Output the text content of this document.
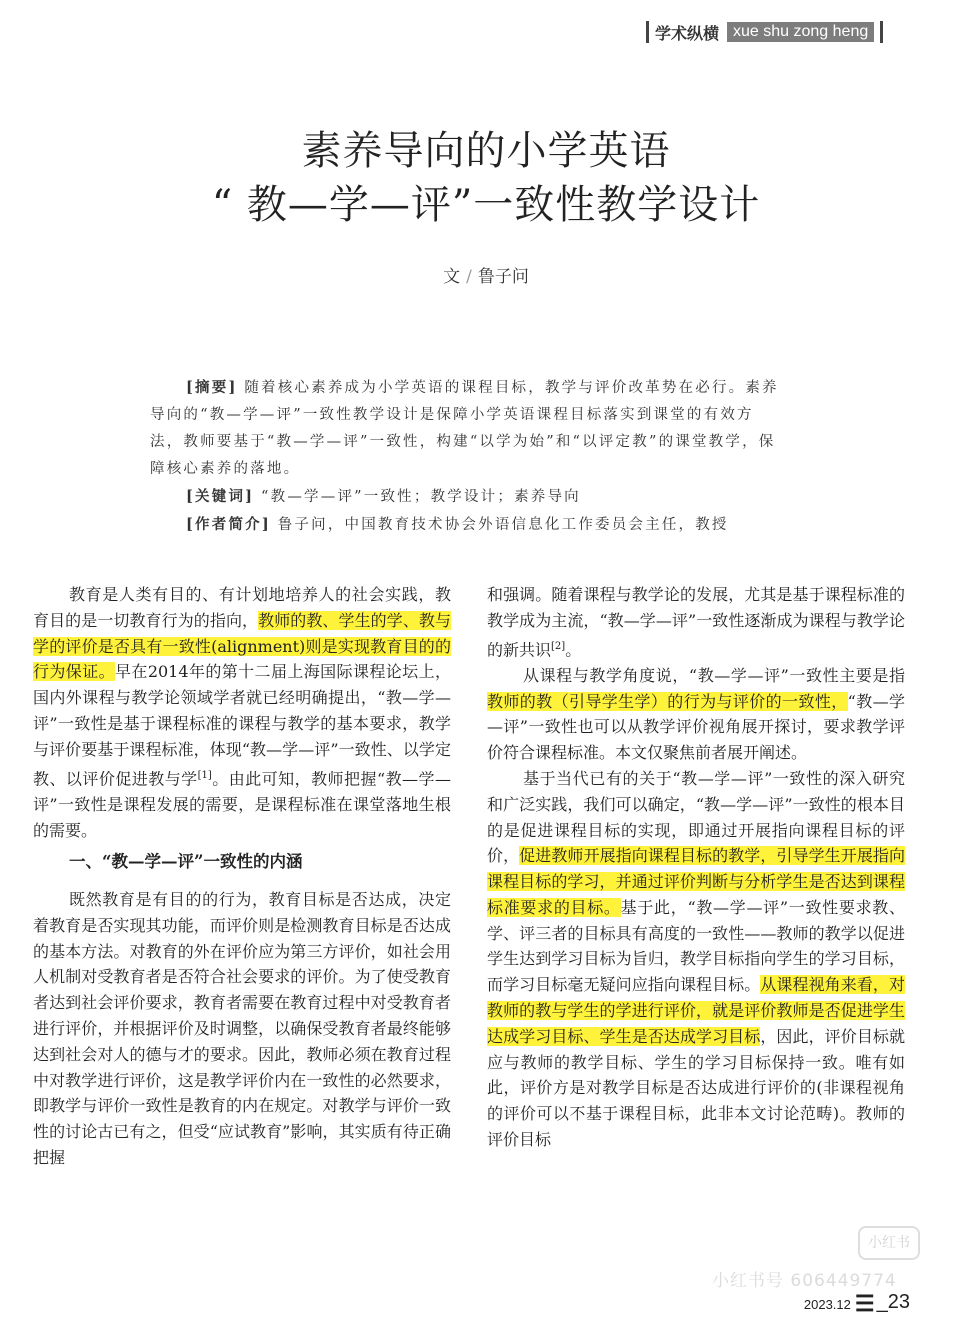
学术纵横 xue shu zong heng
素养导向的小学英语
“ 教—学—评”一致性教学设计
文 / 鲁子问

[摘要] 随着核心素养成为小学英语的课程目标，教学与评价改革势在必行。素养导向的“教—学—评”一致性教学设计是保障小学英语课程目标落实到课堂的有效方法，教师要基于“教—学—评”一致性，构建“以学为始”和“以评定教”的课堂教学，保障核心素养的落地。

[关键词] “教—学—评”一致性；教学设计；素养导向

[作者简介] 鲁子问，中国教育技术协会外语信息化工作委员会主任，教授

教育是人类有目的、有计划地培养人的社会实践，教育目的是一切教育行为的指向，教师的教、学生的学、教与学的评价是否具有一致性(alignment)则是实现教育目的的行为保证。早在2014年的第十二届上海国际课程论坛上，国内外课程与教学论领域学者就已经明确提出，“教—学—评”一致性是基于课程标准的课程与教学的基本要求，教学与评价要基于课程标准，体现“教—学—评”一致性、以学定教、以评价促进教与学[1]。由此可知，教师把握“教—学—评”一致性是课程发展的需要，是课程标准在课堂落地生根的需要。

一、“教—学—评”一致性的内涵

既然教育是有目的的行为，教育目标是否达成，决定着教育是否实现其功能，而评价则是检测教育目标是否达成的基本方法。对教育的外在评价应为第三方评价，如社会用人机制对受教育者是否符合社会要求的评价。为了使受教育者达到社会评价要求，教育者需要在教育过程中对受教育者进行评价，并根据评价及时调整，以确保受教育者最终能够达到社会对人的德与才的要求。因此，教师必须在教育过程中对教学进行评价，这是教学评价内在一致性的必然要求，即教学与评价一致性是教育的内在规定。对教学与评价一致性的讨论古已有之，但受“应试教育”影响，其实质有待正确把握

和强调。随着课程与教学论的发展，尤其是基于课程标准的教学成为主流，“教—学—评”一致性逐渐成为课程与教学论的新共识[2]。

从课程与教学角度说，“教—学—评”一致性主要是指教师的教（引导学生学）的行为与评价的一致性，“教—学—评”一致性也可以从教学评价视角展开探讨，要求教学评价符合课程标准。本文仅聚焦前者展开阐述。

基于当代已有的关于“教—学—评”一致性的深入研究和广泛实践，我们可以确定，“教—学—评”一致性的根本目的是促进课程目标的实现，即通过开展指向课程目标的评价，促进教师开展指向课程目标的教学，引导学生开展指向课程目标的学习，并通过评价判断与分析学生是否达到课程标准要求的目标。基于此，“教—学—评”一致性要求教、学、评三者的目标具有高度的一致性——教师的教学以促进学生达到学习目标为旨归，教学目标指向学生的学习目标，而学习目标毫无疑问应指向课程目标。从课程视角来看，对教师的教与学生的学进行评价，就是评价教师是否促进学生达成学习目标、学生是否达成学习目标，因此，评价目标就应与教师的教学目标、学生的学习目标保持一致。唯有如此，评价方是对教学目标是否达成进行评价的(非课程视角的评价可以不基于课程目标，此非本文讨论范畴)。教师的评价目标

小红书
小红书号 606449774
2023.12 ☰ _23
